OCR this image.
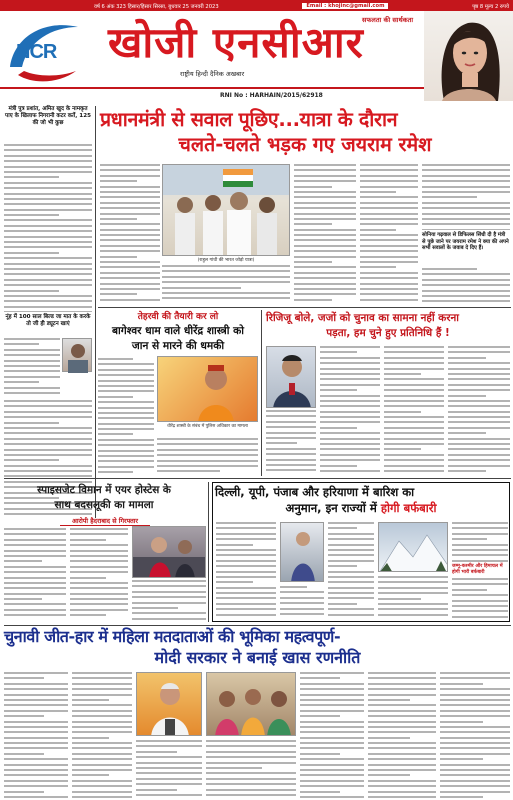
वर्ष 6 अंक 323 हिसार/हिसार सिरसा, बुधवार 25 जनवरी 2023	Email : khojinc@gmail.com	पृष्ठ 8 मूल्य 2 रुपये
NCR
सफलता की सार्थकता
खोजी एनसीआर
राष्ट्रीय हिन्दी दैनिक अखबार
RNI No : HARHAIN/2015/62918
मंत्री पुत्र प्रशांत, अमित खुद के नामकृत पाए के खिलाफ निगरानी कटर कर्ते, 125 की जो भी कुछ
नूंह में 100 साल बिल्ड जा मात के करके तो जी ही ड्यूटन खाएं
प्रधानमंत्री से सवाल पूछिए...यात्रा के दौरान
चलते-चलते भड़क गए जयराम रमेश
(राहुल गांधी की भारत जोड़ो यात्रा)
सोनिया गढ़वाल से डिफिलस सिंधी दी है मंत्री से पूछे जाने पर जयराम रमेश ने क्या की अपने सभी सवालों के जवाब दे दिए हैं।
तेहरवी की तैयारी कर लो
बागेश्वर धाम वाले धीरेंद्र शास्त्री को
जान से मारने की धमकी
धीरेंद्र शास्त्री के संबंध में पुलिस अधिकार का मामला
रिजिजू बोले, जजों को चुनाव का सामना नहीं करना
पड़ता, हम चुने हुए प्रतिनिधि हैं !
स्पाइसजेट विमान में एयर होस्टेस के
साथ बदसलूकी का मामला
आरोपी हैदराबाद से गिरफ्तार
दिल्ली, यूपी, पंजाब और हरियाणा में बारिश का
अनुमान, इन राज्यों में होगी बर्फबारी
जम्मू-कश्मीर और हिमाचल में होगी भारी बर्फबारी
चुनावी जीत-हार में महिला मतदाताओं की भूमिका महत्वपूर्ण-
मोदी सरकार ने बनाई खास रणनीति
